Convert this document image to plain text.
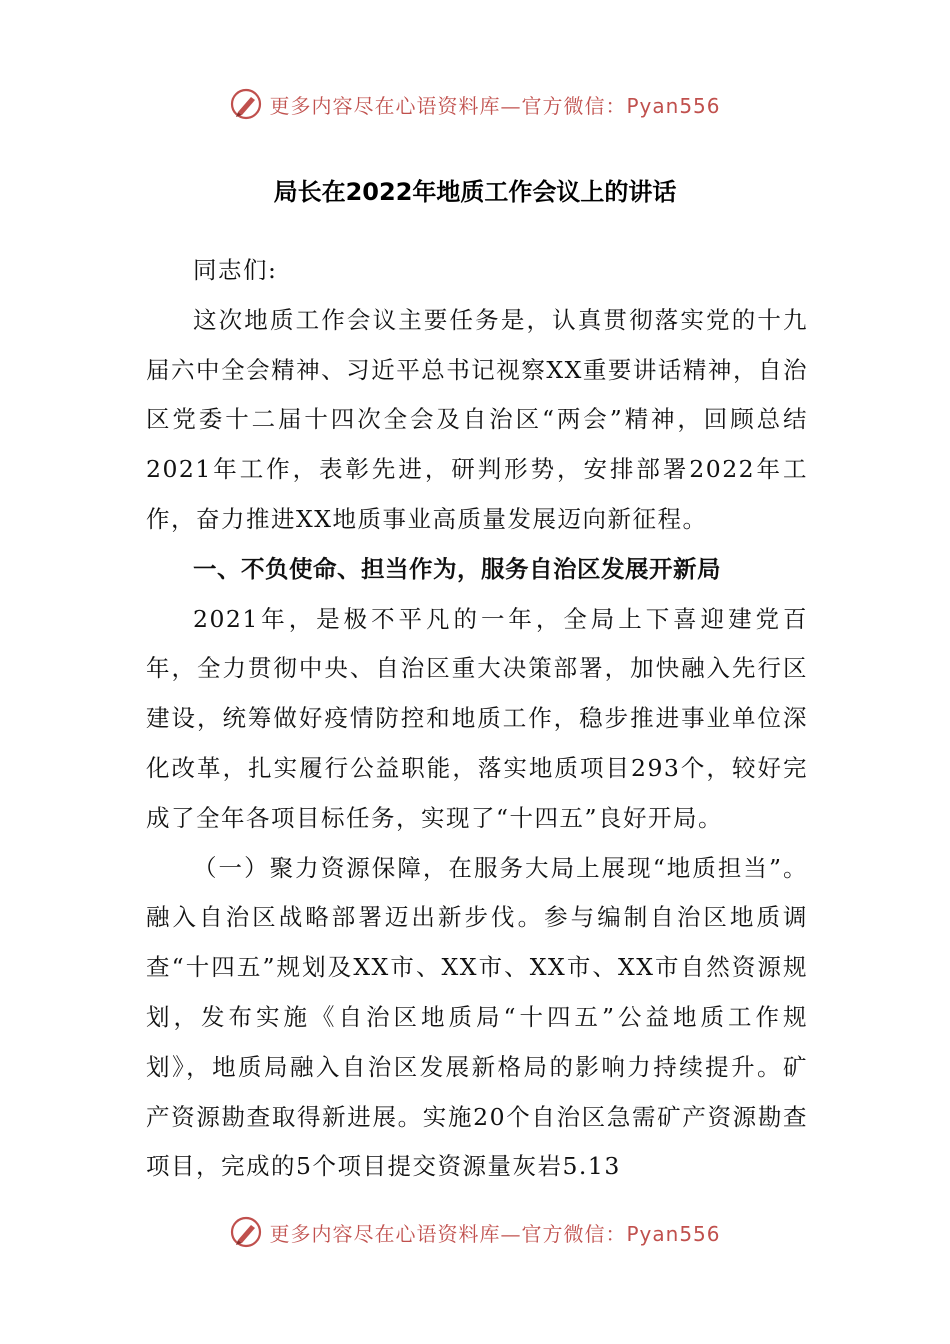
更多内容尽在心语资料库—官方微信：Pyan556
局长在2022年地质工作会议上的讲话

同志们:

这次地质工作会议主要任务是，认真贯彻落实党的十九届六中全会精神、习近平总书记视察XX重要讲话精神，自治区党委十二届十四次全会及自治区“两会”精神，回顾总结2021年工作，表彰先进，研判形势，安排部署2022年工作，奋力推进XX地质事业高质量发展迈向新征程。

一、不负使命、担当作为，服务自治区发展开新局

2021年，是极不平凡的一年，全局上下喜迎建党百年，全力贯彻中央、自治区重大决策部署，加快融入先行区建设，统筹做好疫情防控和地质工作，稳步推进事业单位深化改革，扎实履行公益职能，落实地质项目293个，较好完成了全年各项目标任务，实现了“十四五”良好开局。

（一）聚力资源保障，在服务大局上展现“地质担当”。融入自治区战略部署迈出新步伐。参与编制自治区地质调查“十四五”规划及XX市、XX市、XX市、XX市自然资源规划，发布实施《自治区地质局“十四五”公益地质工作规划》，地质局融入自治区发展新格局的影响力持续提升。矿产资源勘查取得新进展。实施20个自治区急需矿产资源勘查项目，完成的5个项目提交资源量灰岩5.13

更多内容尽在心语资料库—官方微信：Pyan556
